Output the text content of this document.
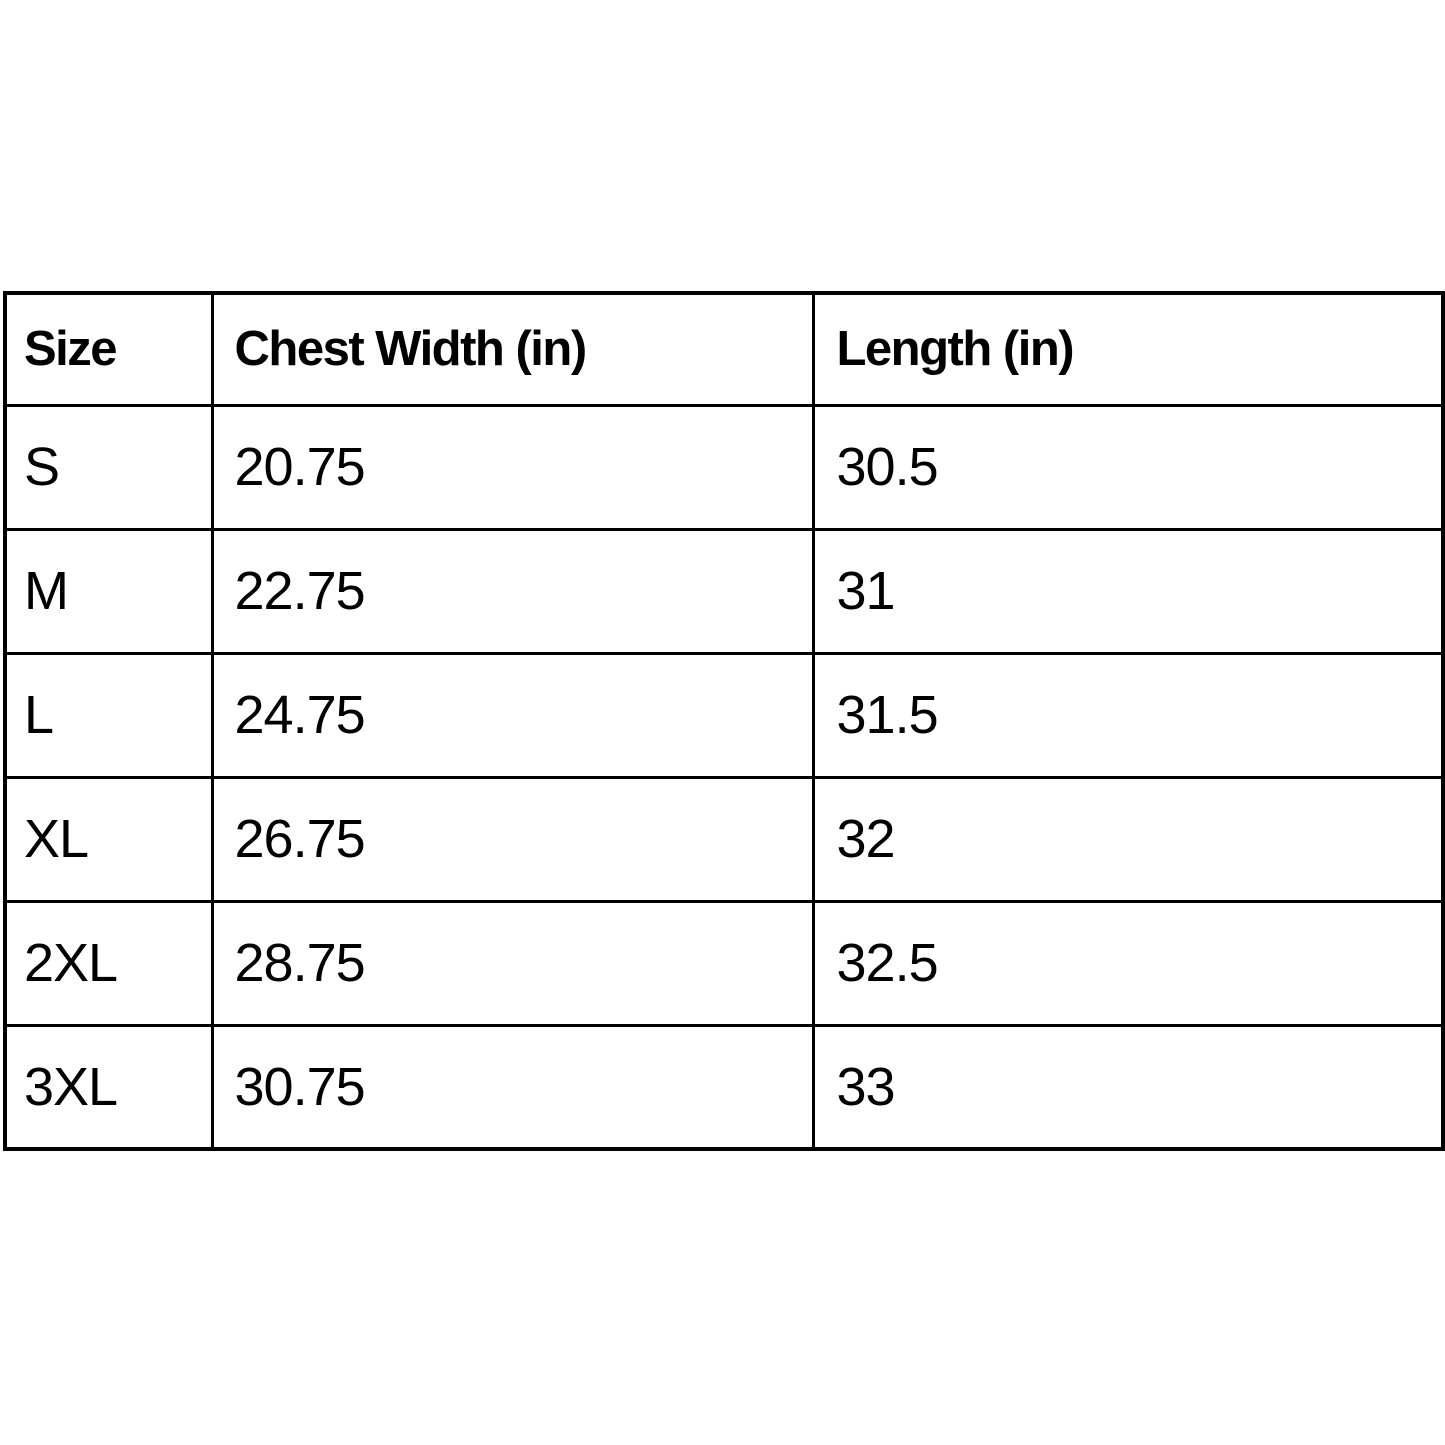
Size	Chest Width (in)	Length (in)
S	20.75	30.5
M	22.75	31
L	24.75	31.5
XL	26.75	32
2XL	28.75	32.5
3XL	30.75	33
